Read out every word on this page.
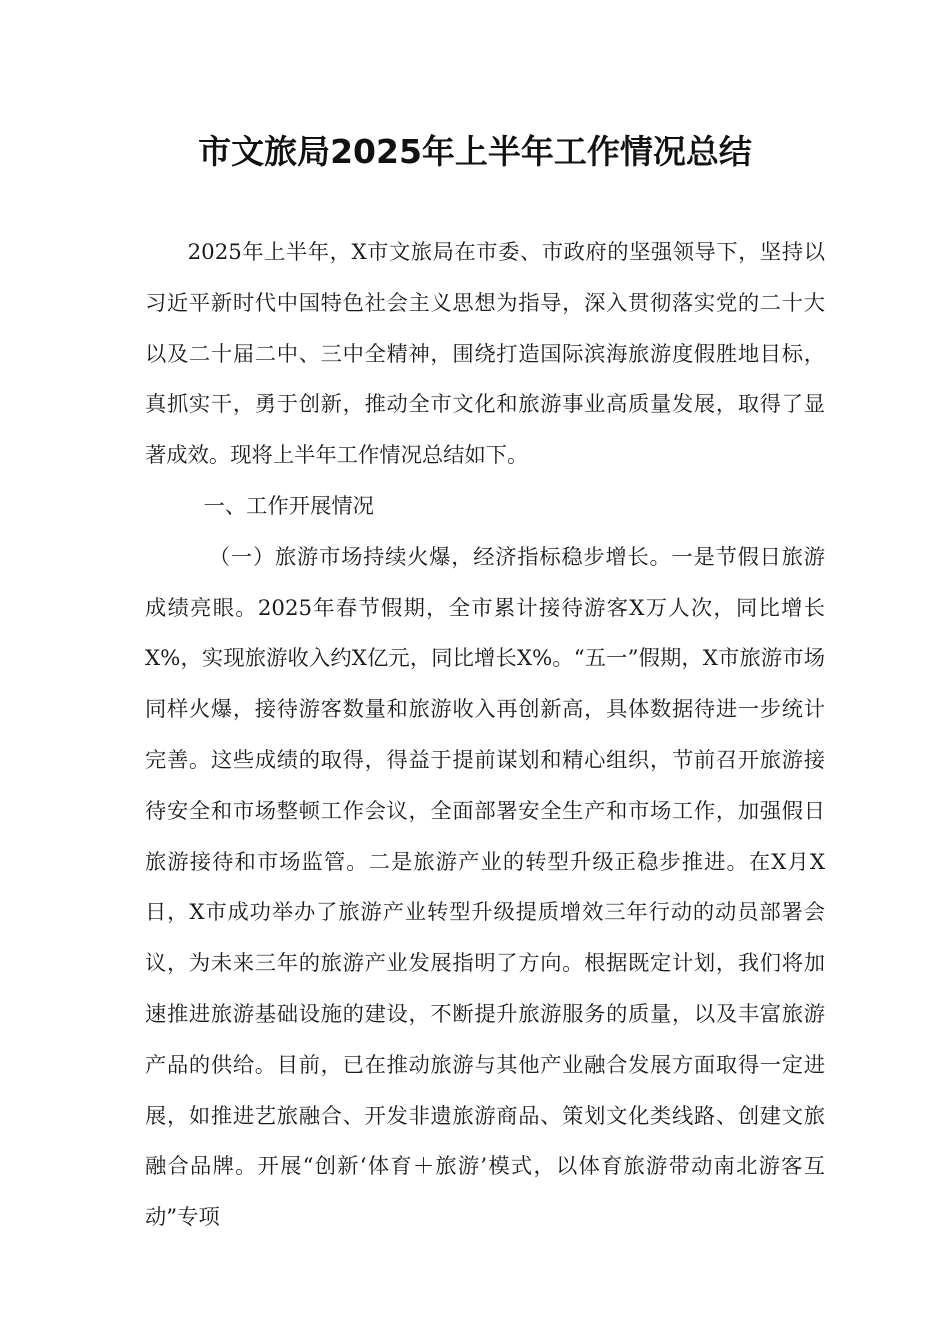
市文旅局2025年上半年工作情况总结

2025年上半年，X市文旅局在市委、市政府的坚强领导下，坚持以习近平新时代中国特色社会主义思想为指导，深入贯彻落实党的二十大以及二十届二中、三中全精神，围绕打造国际滨海旅游度假胜地目标，真抓实干，勇于创新，推动全市文化和旅游事业高质量发展，取得了显著成效。现将上半年工作情况总结如下。

一、工作开展情况

（一）旅游市场持续火爆，经济指标稳步增长。一是节假日旅游成绩亮眼。2025年春节假期，全市累计接待游客X万人次，同比增长X%，实现旅游收入约X亿元，同比增长X%。“五一”假期，X市旅游市场同样火爆，接待游客数量和旅游收入再创新高，具体数据待进一步统计完善。这些成绩的取得，得益于提前谋划和精心组织，节前召开旅游接待安全和市场整顿工作会议，全面部署安全生产和市场工作，加强假日旅游接待和市场监管。二是旅游产业的转型升级正稳步推进。在X月X日，X市成功举办了旅游产业转型升级提质增效三年行动的动员部署会议，为未来三年的旅游产业发展指明了方向。根据既定计划，我们将加速推进旅游基础设施的建设，不断提升旅游服务的质量，以及丰富旅游产品的供给。目前，已在推动旅游与其他产业融合发展方面取得一定进展，如推进艺旅融合、开发非遗旅游商品、策划文化类线路、创建文旅融合品牌。开展“创新‘体育＋旅游’模式，以体育旅游带动南北游客互动”专项
